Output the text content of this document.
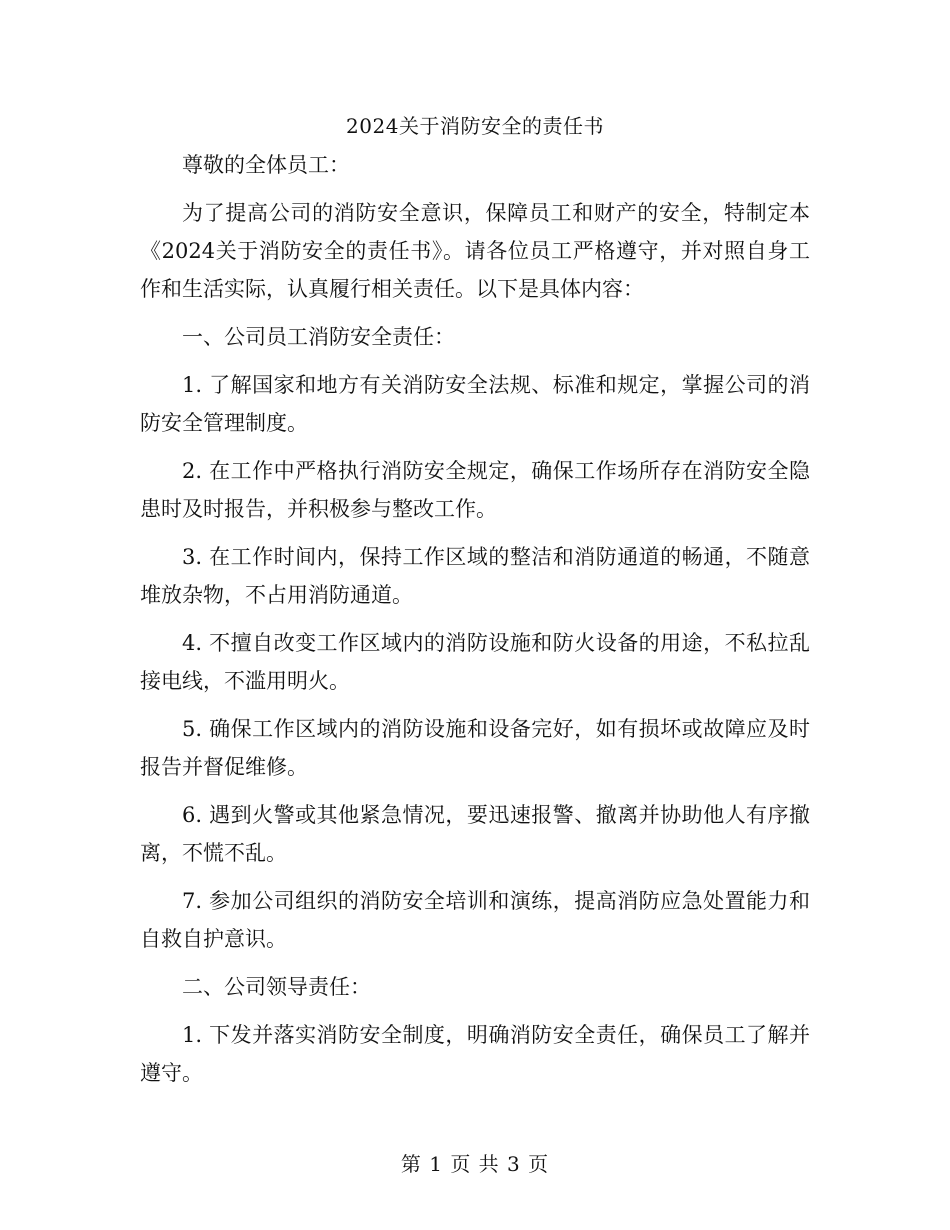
2024关于消防安全的责任书

尊敬的全体员工：

为了提高公司的消防安全意识，保障员工和财产的安全，特制定本《2024关于消防安全的责任书》。请各位员工严格遵守，并对照自身工作和生活实际，认真履行相关责任。以下是具体内容：

一、公司员工消防安全责任：

1. 了解国家和地方有关消防安全法规、标准和规定，掌握公司的消防安全管理制度。

2. 在工作中严格执行消防安全规定，确保工作场所存在消防安全隐患时及时报告，并积极参与整改工作。

3. 在工作时间内，保持工作区域的整洁和消防通道的畅通，不随意堆放杂物，不占用消防通道。

4. 不擅自改变工作区域内的消防设施和防火设备的用途，不私拉乱接电线，不滥用明火。

5. 确保工作区域内的消防设施和设备完好，如有损坏或故障应及时报告并督促维修。

6. 遇到火警或其他紧急情况，要迅速报警、撤离并协助他人有序撤离，不慌不乱。

7. 参加公司组织的消防安全培训和演练，提高消防应急处置能力和自救自护意识。

二、公司领导责任：

1. 下发并落实消防安全制度，明确消防安全责任，确保员工了解并遵守。

第 1 页 共 3 页
